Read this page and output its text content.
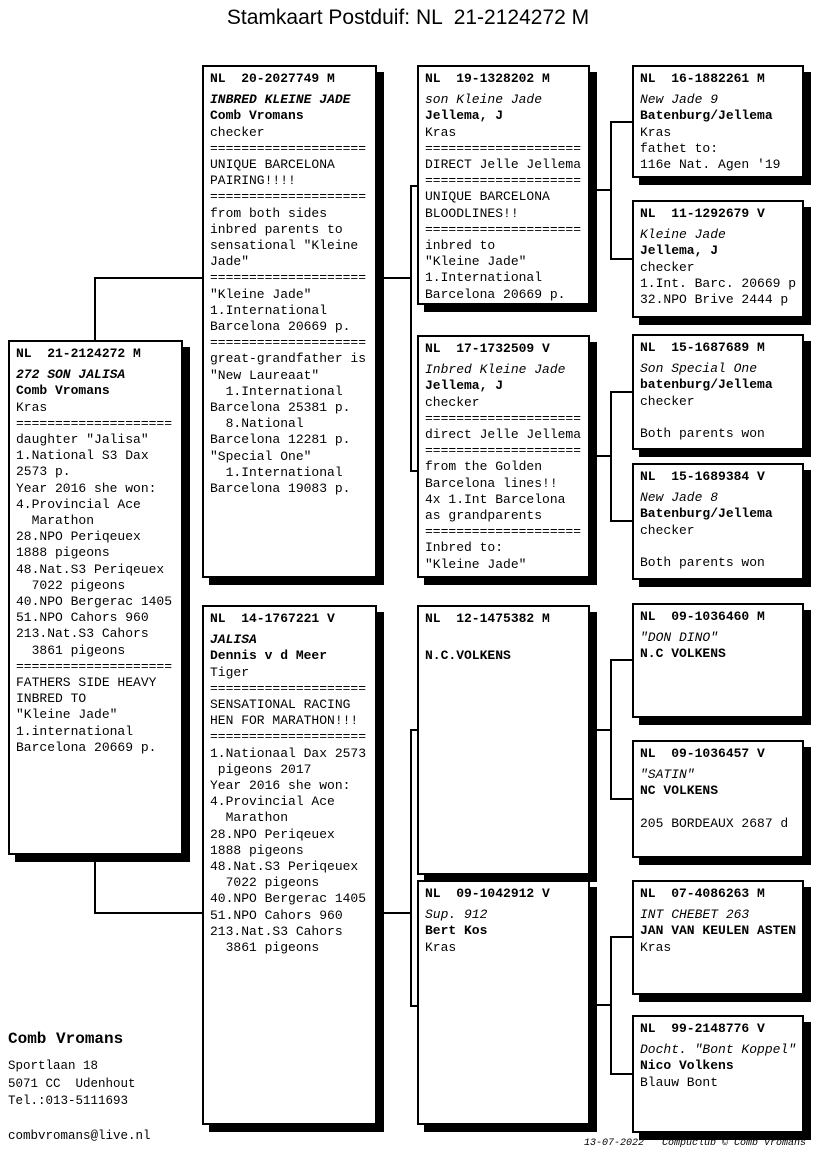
Stamkaart Postduif: NL  21-2124272 M
NL  21-2124272 M
272 SON JALISA
Comb Vromans
Kras
====================
daughter "Jalisa"
1.National S3 Dax
2573 p.
Year 2016 she won:
4.Provincial Ace
Marathon
28.NPO Periqeuex
1888 pigeons
48.Nat.S3 Periqeuex
7022 pigeons
40.NPO Bergerac 1405
51.NPO Cahors 960
213.Nat.S3 Cahors
3861 pigeons
====================
FATHERS SIDE HEAVY
INBRED TO
"Kleine Jade"
1.international
Barcelona 20669 p.
NL  20-2027749 M
INBRED KLEINE JADE
Comb Vromans
checker
====================
UNIQUE BARCELONA
PAIRING!!!!
====================
from both sides
inbred parents to
sensational "Kleine
Jade"
====================
"Kleine Jade"
1.International
Barcelona 20669 p.
====================
great-grandfather is
"New Laureaat"
1.International
Barcelona 25381 p.
8.National
Barcelona 12281 p.
"Special One"
1.International
Barcelona 19083 p.
NL  14-1767221 V
JALISA
Dennis v d Meer
Tiger
====================
SENSATIONAL RACING
HEN FOR MARATHON!!!
====================
1.Nationaal Dax 2573
pigeons 2017
Year 2016 she won:
4.Provincial Ace
Marathon
28.NPO Periqeuex
1888 pigeons
48.Nat.S3 Periqeuex
7022 pigeons
40.NPO Bergerac 1405
51.NPO Cahors 960
213.Nat.S3 Cahors
3861 pigeons
NL  19-1328202 M
son Kleine Jade
Jellema, J
Kras
====================
DIRECT Jelle Jellema
====================
UNIQUE BARCELONA
BLOODLINES!!
====================
inbred to
"Kleine Jade"
1.International
Barcelona 20669 p.
NL  17-1732509 V
Inbred Kleine Jade
Jellema, J
checker
====================
direct Jelle Jellema
====================
from the Golden
Barcelona lines!!
4x 1.Int Barcelona
as grandparents
====================
Inbred to:
"Kleine Jade"
NL  12-1475382 M

N.C.VOLKENS
NL  09-1042912 V
Sup. 912
Bert Kos
Kras
NL  16-1882261 M
New Jade 9
Batenburg/Jellema
Kras
fathet to:
116e Nat. Agen '19
NL  11-1292679 V
Kleine Jade
Jellema, J
checker
1.Int. Barc. 20669 p
32.NPO Brive 2444 p
NL  15-1687689 M
Son Special One
batenburg/Jellema
checker

Both parents won
NL  15-1689384 V
New Jade 8
Batenburg/Jellema
checker

Both parents won
NL  09-1036460 M
"DON DINO"
N.C VOLKENS
NL  09-1036457 V
"SATIN"
NC VOLKENS

205 BORDEAUX 2687 d
NL  07-4086263 M
INT CHEBET 263
JAN VAN KEULEN ASTEN
Kras
NL  99-2148776 V
Docht. "Bont Koppel"
Nico Volkens
Blauw Bont
Comb Vromans
Sportlaan 18
5071 CC  Udenhout
Tel.:013-5111693
combvromans@live.nl
13-07-2022   Compuclub © Comb Vromans
